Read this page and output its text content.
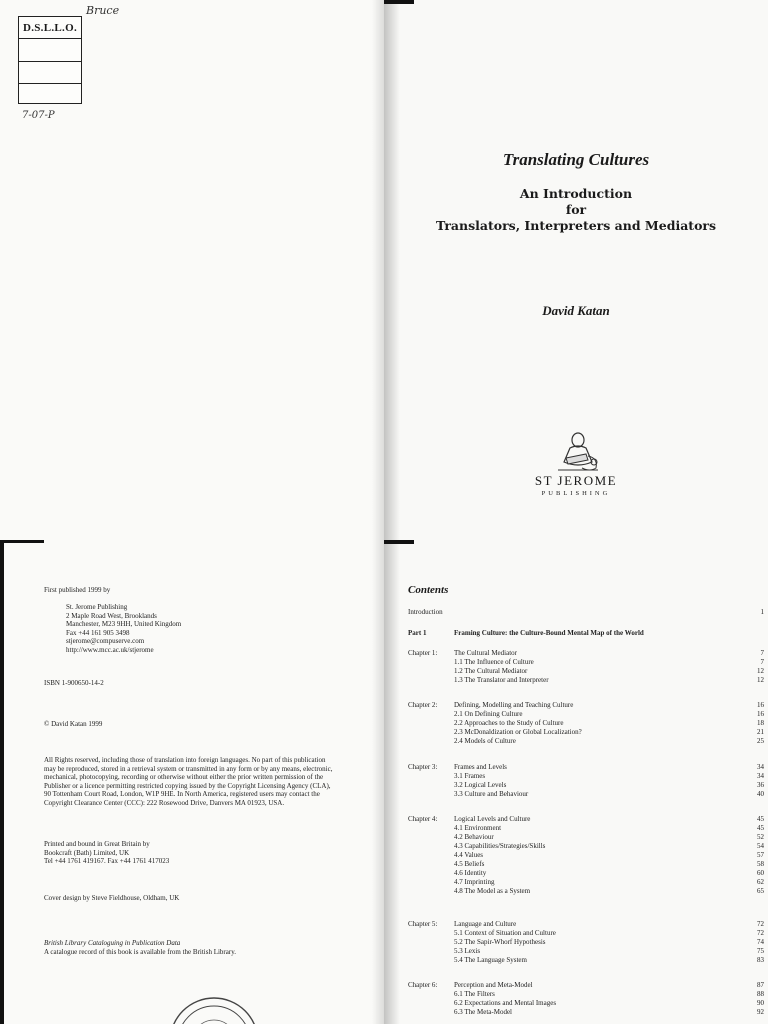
D.S.L.L.O.
Bruce
7-07-P
Translating Cultures
An Introduction
for
Translators, Interpreters and Mediators
David Katan
ST JEROME
PUBLISHING
First published 1999 by
St. Jerome Publishing
2 Maple Road West, Brooklands
Manchester, M23 9HH, United Kingdom
Fax +44 161 905 3498
stjerome@compuserve.com
http://www.mcc.ac.uk/stjerome
ISBN 1-900650-14-2
© David Katan 1999
All Rights reserved, including those of translation into foreign languages. No part of this publication
may be reproduced, stored in a retrieval system or transmitted in any form or by any means, electronic,
mechanical, photocopying, recording or otherwise without either the prior written permission of the
Publisher or a licence permitting restricted copying issued by the Copyright Licensing Agency (CLA),
90 Tottenham Court Road, London, W1P 9HE. In North America, registered users may contact the
Copyright Clearance Center (CCC): 222 Rosewood Drive, Danvers MA 01923, USA.
Printed and bound in Great Britain by
Bookcraft (Bath) Limited, UK
Tel +44 1761 419167. Fax +44 1761 417023
Cover design by Steve Fieldhouse, Oldham, UK
British Library Cataloguing in Publication Data
A catalogue record of this book is available from the British Library.
Contents
Introduction	1
Part 1	Framing Culture: the Culture-Bound Mental Map of the World
Chapter 1: The Cultural Mediator	7
1.1 The Influence of Culture	7
1.2 The Cultural Mediator	12
1.3 The Translator and Interpreter	12
Chapter 2: Defining, Modelling and Teaching Culture	16
2.1 On Defining Culture	16
2.2 Approaches to the Study of Culture	18
2.3 McDonaldization or Global Localization?	21
2.4 Models of Culture	25
Chapter 3: Frames and Levels	34
3.1 Frames	34
3.2 Logical Levels	36
3.3 Culture and Behaviour	40
Chapter 4: Logical Levels and Culture	45
4.1 Environment	45
4.2 Behaviour	52
4.3 Capabilities/Strategies/Skills	54
4.4 Values	57
4.5 Beliefs	58
4.6 Identity	60
4.7 Imprinting	62
4.8 The Model as a System	65
Chapter 5: Language and Culture	72
5.1 Context of Situation and Culture	72
5.2 The Sapir-Whorf Hypothesis	74
5.3 Lexis	75
5.4 The Language System	83
Chapter 6: Perception and Meta-Model	87
6.1 The Filters	88
6.2 Expectations and Mental Images	90
6.3 The Meta-Model	92
